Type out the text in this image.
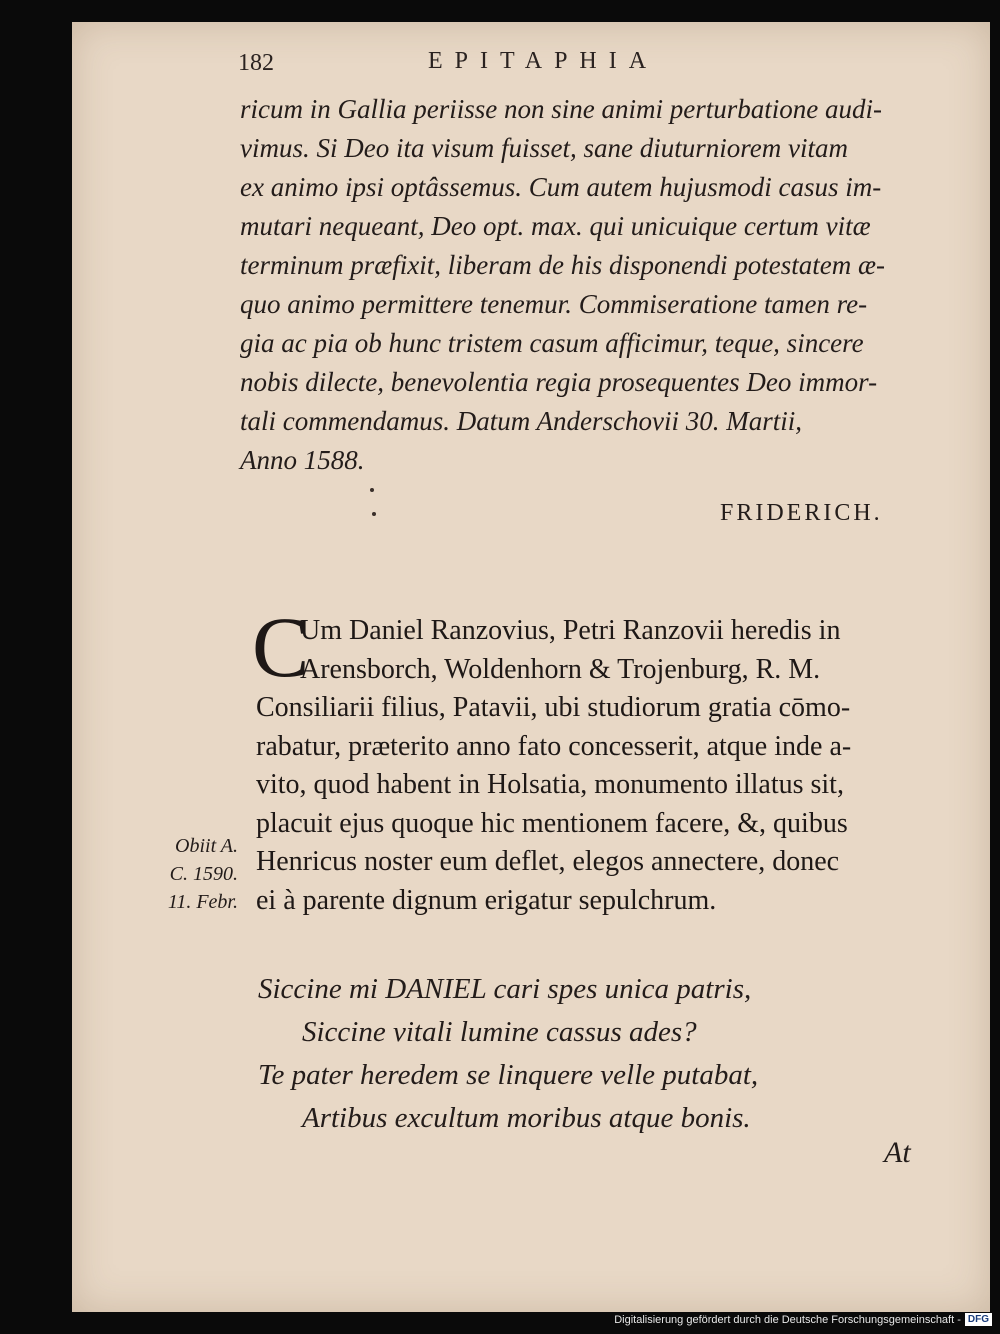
182	EPITAPHIA
ricum in Gallia periisse non sine animi perturbatione audi-
vimus. Si Deo ita visum fuisset, sane diuturniorem vitam
ex animo ipsi optâssemus. Cum autem hujusmodi casus im-
mutari nequeant, Deo opt. max. qui unicuique certum vitæ
terminum præfixit, liberam de his disponendi potestatem æ-
quo animo permittere tenemur. Commiseratione tamen re-
gia ac pia ob hunc tristem casum afficimur, teque, sincere
nobis dilecte, benevolentia regia prosequentes Deo immor-
tali commendamus. Datum Anderschovii 30. Martii,
Anno 1588.
FRIDERICH.
C
Um Daniel Ranzovius, Petri Ranzovii heredis in
Arensborch, Woldenhorn & Trojenburg, R. M.
Consiliarii filius, Patavii, ubi studiorum gratia cōmo-
rabatur, præterito anno fato concesserit, atque inde a-
vito, quod habent in Holsatia, monumento illatus sit,
placuit ejus quoque hic mentionem facere, &, quibus
Henricus noster eum deflet, elegos annectere, donec
ei à parente dignum erigatur sepulchrum.
Obiit A.
C. 1590.
11. Febr.
Siccine mi DANIEL cari spes unica patris,
Siccine vitali lumine cassus ades?
Te pater heredem se linquere velle putabat,
Artibus excultum moribus atque bonis.
At
Digitalisierung gefördert durch die Deutsche Forschungsgemeinschaft - DFG
